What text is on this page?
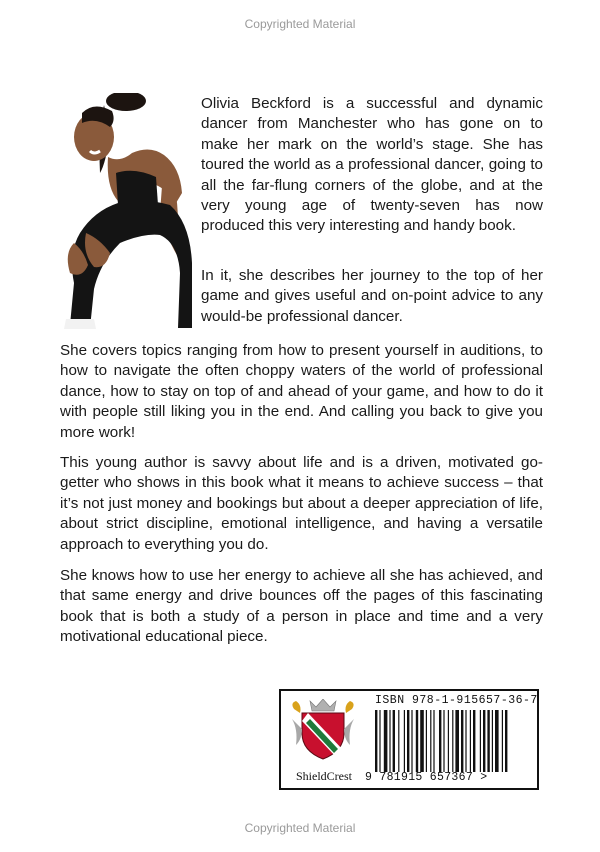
Copyrighted Material
Olivia Beckford is a successful and dynamic dancer from Manchester who has gone on to make her mark on the world’s stage. She has toured the world as a professional dancer, going to all the far-flung corners of the globe, and at the very young age of twenty-seven has now produced this very interesting and handy book.
In it, she describes her journey to the top of her game and gives useful and on-point advice to any would-be professional dancer.
She covers topics ranging from how to present yourself in auditions, to how to navigate the often choppy waters of the world of professional dance, how to stay on top of and ahead of your game, and how to do it with people still liking you in the end. And calling you back to give you more work!
This young author is savvy about life and is a driven, motivated go-getter who shows in this book what it means to achieve success – that it’s not just money and bookings but about a deeper appreciation of life, about strict discipline, emotional intelligence, and having a versatile approach to everything you do.
She knows how to use her energy to achieve all she has achieved, and that same energy and drive bounces off the pages of this fascinating book that is both a study of a person in place and time and a very motivational educational piece.
ShieldCrest
ISBN 978-1-915657-36-7
9 781915 657367 >
Copyrighted Material
